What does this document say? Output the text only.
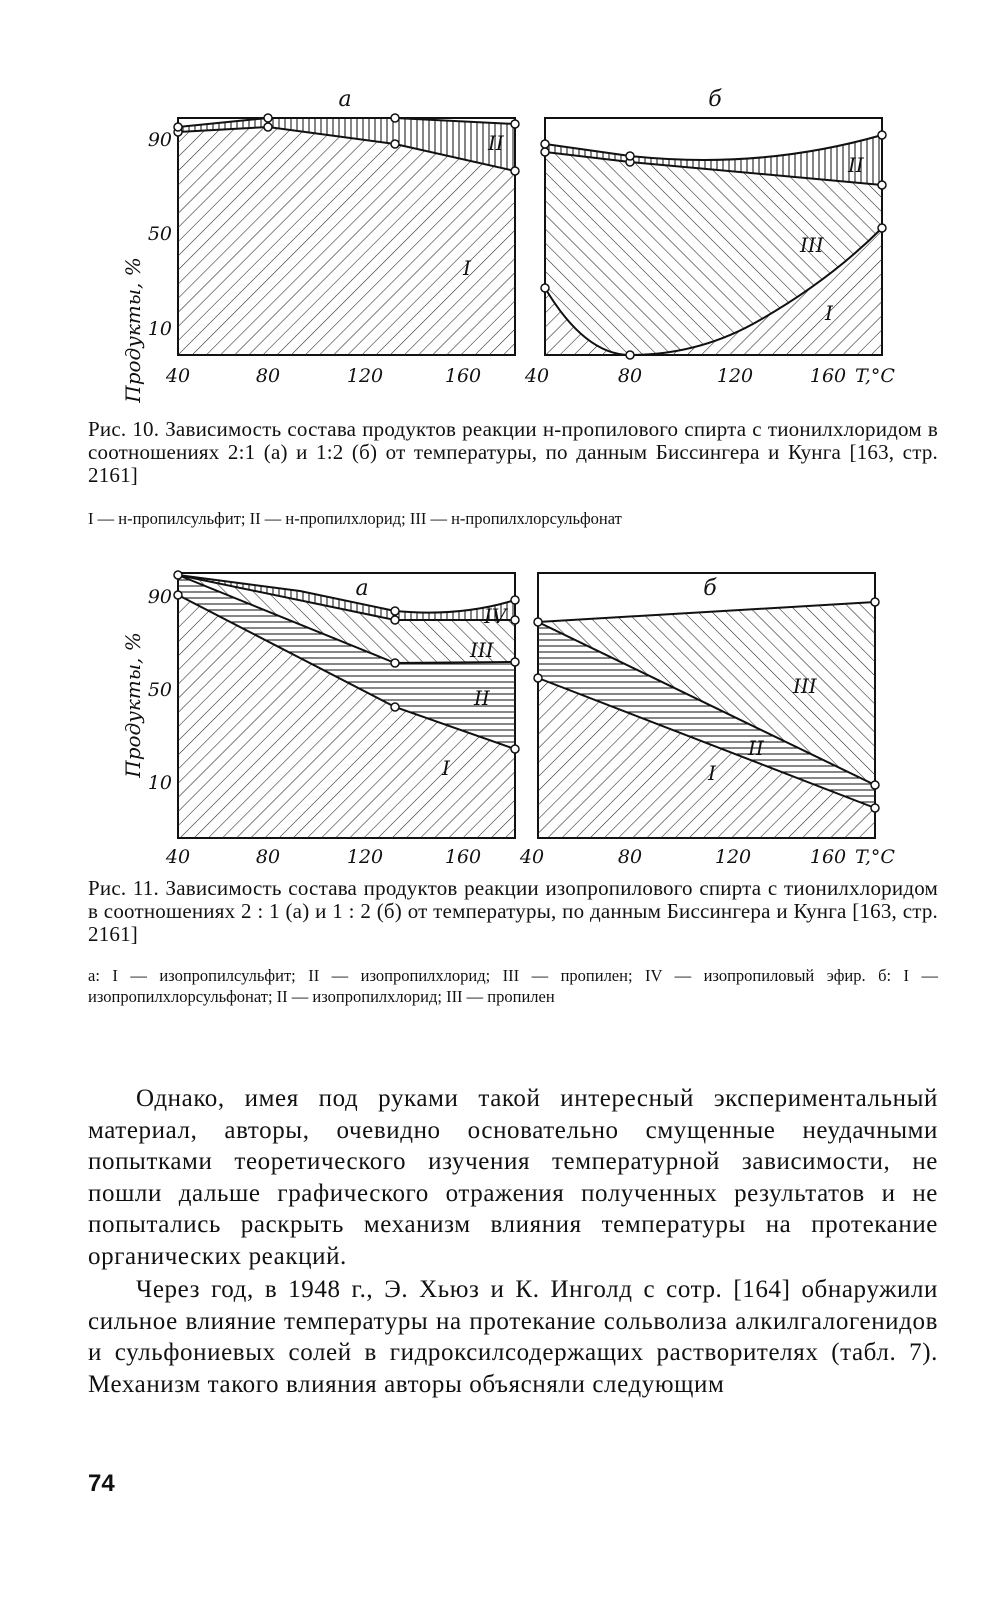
Продукты, %
а
I
II
90
50
10
40	80	120	160
б
I
II
III
40	80	120	160 T,°C
Рис. 10. Зависимость состава продуктов реакции н-пропилового спирта с тионилхлоридом в соотношениях 2:1 (а) и 1:2 (б) от температуры, по данным Биссингера и Кунга [163, стр. 2161]
I — н-пропилсульфит; II — н-пропилхлорид; III — н-пропилхлорсульфонат
Продукты, %
а
I
II
III
IV
90
50
10
40	80	120	160
б
I
II
III
40	80	120	160 T,°C
Рис. 11. Зависимость состава продуктов реакции изопропилового спирта с тионилхлоридом в соотношениях 2 : 1 (а) и 1 : 2 (б) от температуры, по данным Биссингера и Кунга [163, стр. 2161]
а: I — изопропилсульфит; II — изопропилхлорид; III — пропилен; IV — изопропиловый эфир. б: I — изопропилхлорсульфонат; II — изопропилхлорид; III — пропилен

Однако, имея под руками такой интересный экспериментальный материал, авторы, очевидно основательно смущенные неудачными попытками теоретического изучения температурной зависимости, не пошли дальше графического отражения полученных результатов и не попытались раскрыть механизм влияния температуры на протекание органических реакций.

Через год, в 1948 г., Э. Хьюз и К. Инголд с сотр. [164] обнаружили сильное влияние температуры на протекание сольволиза алкилгалогенидов и сульфониевых солей в гидроксилсодержащих растворителях (табл. 7). Механизм такого влияния авторы объясняли следующим

74
